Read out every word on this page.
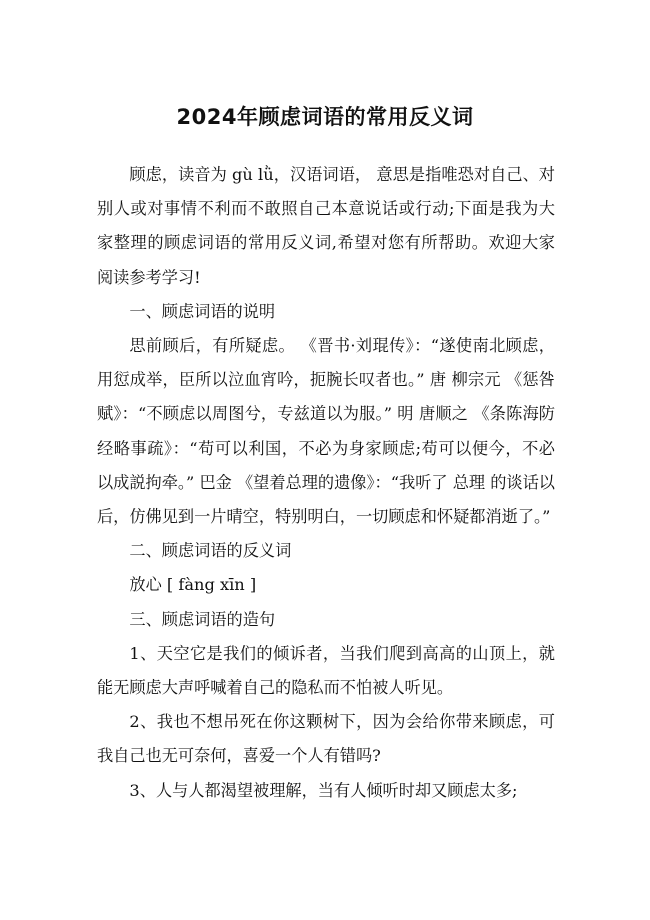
2024年顾虑词语的常用反义词

顾虑，读音为 gù lǜ，汉语词语， 意思是指唯恐对自己、对别人或对事情不利而不敢照自己本意说话或行动;下面是我为大家整理的顾虑词语的常用反义词,希望对您有所帮助。欢迎大家阅读参考学习!

一、顾虑词语的说明

思前顾后，有所疑虑。 《晋书·刘琨传》：“遂使南北顾虑，用愆成举，臣所以泣血宵吟，扼腕长叹者也。” 唐 柳宗元 《惩咎赋》：“不顾虑以周图兮，专兹道以为服。” 明 唐顺之 《条陈海防经略事疏》：“苟可以利国，不必为身家顾虑;苟可以便今，不必以成説拘牵。” 巴金 《望着总理的遗像》：“我听了 总理 的谈话以后，仿佛见到一片晴空，特别明白，一切顾虑和怀疑都消逝了。”

二、顾虑词语的反义词

放心 [ fàng xīn ]

三、顾虑词语的造句

1、天空它是我们的倾诉者，当我们爬到高高的山顶上，就能无顾虑大声呼喊着自己的隐私而不怕被人听见。

2、我也不想吊死在你这颗树下，因为会给你带来顾虑，可我自己也无可奈何，喜爱一个人有错吗?

3、人与人都渴望被理解，当有人倾听时却又顾虑太多;
